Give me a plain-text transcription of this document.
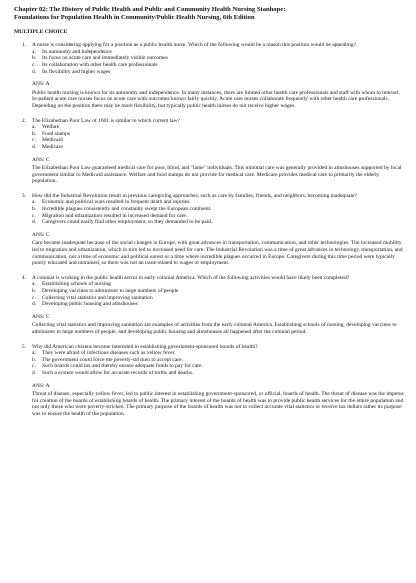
Chapter 02: The History of Public Health and Public and Community Health Nursing Stanhope:
Foundations for Population Health in Community/Public Health Nursing, 6th Edition
MULTIPLE CHOICE
1.	A nurse is considering applying for a position as a public health nurse. Which of the following would be a reason this position would be appealing?
a.	Its autonomy and independence
b.	Its focus on acute care and immediately visible outcomes
c.	Its collaboration with other health care professionals
d.	Its flexibility and higher wages
ANS: A
Public health nursing is known for its autonomy and independence. In many instances, there are limited other health care professionals and staff with whom to interact. In-patient acute care nurses focus on acute care with outcomes known fairly quickly. Acute care nurses collaborate frequently with other health care professionals. Depending on the position there may be more flexibility, but typically public health nurses do not receive higher wages.
2.	The Elizabethan Poor Law of 1601 is similar to which current law?
a.	Welfare
b.	Food stamps
c.	Medicaid
d.	Medicare
ANS: C
The Elizabethan Poor Law guaranteed medical care for poor, blind, and "lame" individuals. This minimal care was generally provided in almshouses supported by local government similar to Medicaid assistance. Welfare and food stamps do not provide for medical care. Medicare provides medical care to primarily the elderly population.
3.	How did the Industrial Revolution result in previous caregiving approaches, such as care by families, friends, and neighbors, becoming inadequate?
a.	Economic and political wars resulted in frequent death and injuries.
b.	Incredible plagues consistently and constantly swept the European continent.
c.	Migration and urbanization resulted in increased demand for care.
d.	Caregivers could easily find other employment, so they demanded to be paid.
ANS: C
Care became inadequate because of the social changes in Europe, with great advances in transportation, communication, and other technologies. The increased mobility led to migration and urbanization, which in turn led to increased need for care. The Industrial Revolution was a time of great advances in technology, transportation, and communication, not a time of economic and political unrest or a time where incredible plagues occurred in Europe. Caregivers during this time period were typically poorly educated and untrained, so there was not an issue related to wages or employment.
4.	A colonist is working in the public health sector in early colonial America. Which of the following activities would have likely been completed?
a.	Establishing schools of nursing
b.	Developing vaccines to administer to large numbers of people
c.	Collecting vital statistics and improving sanitation
d.	Developing public housing and almshouses
ANS: C
Collecting vital statistics and improving sanitation are examples of activities from the early colonial America. Establishing schools of nursing, developing vaccines to administer to large numbers of people, and developing public housing and almshouses all happened after the colonial period.
5.	Why did American citizens become interested in establishing government-sponsored boards of health?
a.	They were afraid of infectious diseases such as yellow fever.
b.	The government could force the poverty-stricken to accept care.
c.	Such boards could tax and thereby ensure adequate funds to pay for care.
d.	Such a system would allow for accurate records of births and deaths.
ANS: A
Threat of disease, especially yellow fever, led to public interest in establishing government-sponsored, or official, boards of health. The threat of disease was the impetus for creation of the boards of establishing boards of health. The primary interest of the boards of health was to provide public health services for the entire population and not only those who were poverty-stricken. The primary purpose of the boards of health was not to collect accurate vital statistics or receive tax dollars rather its purpose was to ensure the health of the population.
